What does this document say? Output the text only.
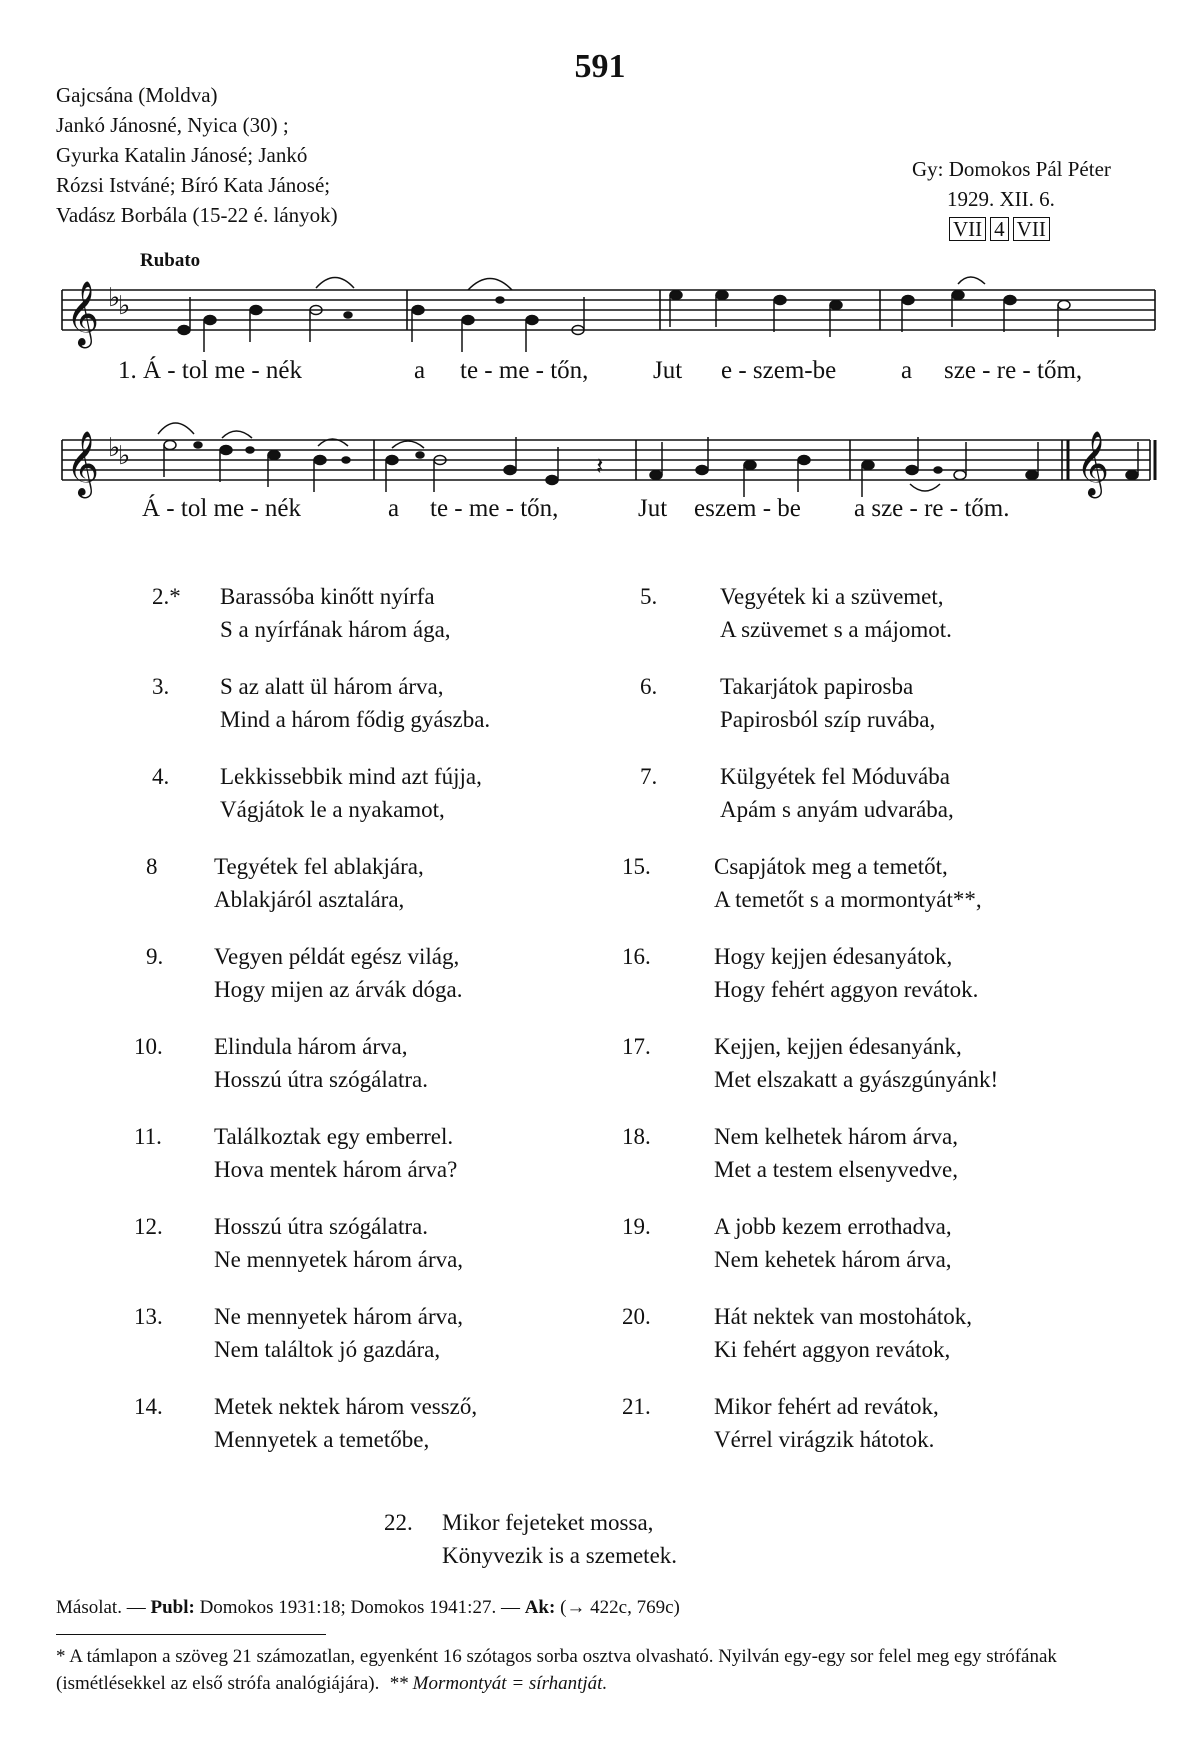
591
Gajcsána (Moldva)
Jankó Jánosné, Nyica (30) ;
Gyurka Katalin Jánosé; Jankó
Rózsi Istváné; Bíró Kata Jánosé;
Vadász Borbála (15-22 é. lányok)
Gy: Domokos Pál Péter
1929. XII. 6.
VII 4 VII
Rubato
𝄞 ♭
♭
1. Á - tol me - nék	a te - me - tőn,	Jut e - szem-be	a sze - re - tőm,
𝄞 ♭
♭	𝄞
𝄽
Á - tol me - nék	a te - me - tőn,	Jut eszem - be a sze - re - tőm.
2.* Barassóba kinőtt nyírfa
S a nyírfának három ága,
3. S az alatt ül három árva,
Mind a három fődig gyászba.
4. Lekkissebbik mind azt fújja,
Vágjátok le a nyakamot,
8 Tegyétek fel ablakjára,
Ablakjáról asztalára,
9. Vegyen példát egész világ,
Hogy mijen az árvák dóga.
10. Elindula három árva,
Hosszú útra szógálatra.
11. Találkoztak egy emberrel.
Hova mentek három árva?
12. Hosszú útra szógálatra.
Ne mennyetek három árva,
13. Ne mennyetek három árva,
Nem találtok jó gazdára,
14. Metek nektek három vessző,
Mennyetek a temetőbe,
5.	Vegyétek ki a szüvemet,
A szüvemet s a májomot.
6.	Takarjátok papirosba
Papirosból szíp ruvába,
7.	Külgyétek fel Móduvába
Apám s anyám udvarába,
15.	Csapjátok meg a temetőt,
A temetőt s a mormontyát**,
16.	Hogy kejjen édesanyátok,
Hogy fehért aggyon revátok.
17.	Kejjen, kejjen édesanyánk,
Met elszakatt a gyászgúnyánk!
18.	Nem kelhetek három árva,
Met a testem elsenyvedve,
19.	A jobb kezem errothadva,
Nem kehetek három árva,
20.	Hát nektek van mostohátok,
Ki fehért aggyon revátok,
21.	Mikor fehért ad revátok,
Vérrel virágzik hátotok.
22. Mikor fejeteket mossa,
Könyvezik is a szemetek.
Másolat. — Publ: Domokos 1931:18; Domokos 1941:27. — Ak: (→ 422c, 769c)
* A támlapon a szöveg 21 számozatlan, egyenként 16 szótagos sorba osztva olvasható. Nyilván egy-egy sor felel meg egy strófának (ismétlésekkel az első strófa analógiájára). ** Mormontyát = sírhantját.
